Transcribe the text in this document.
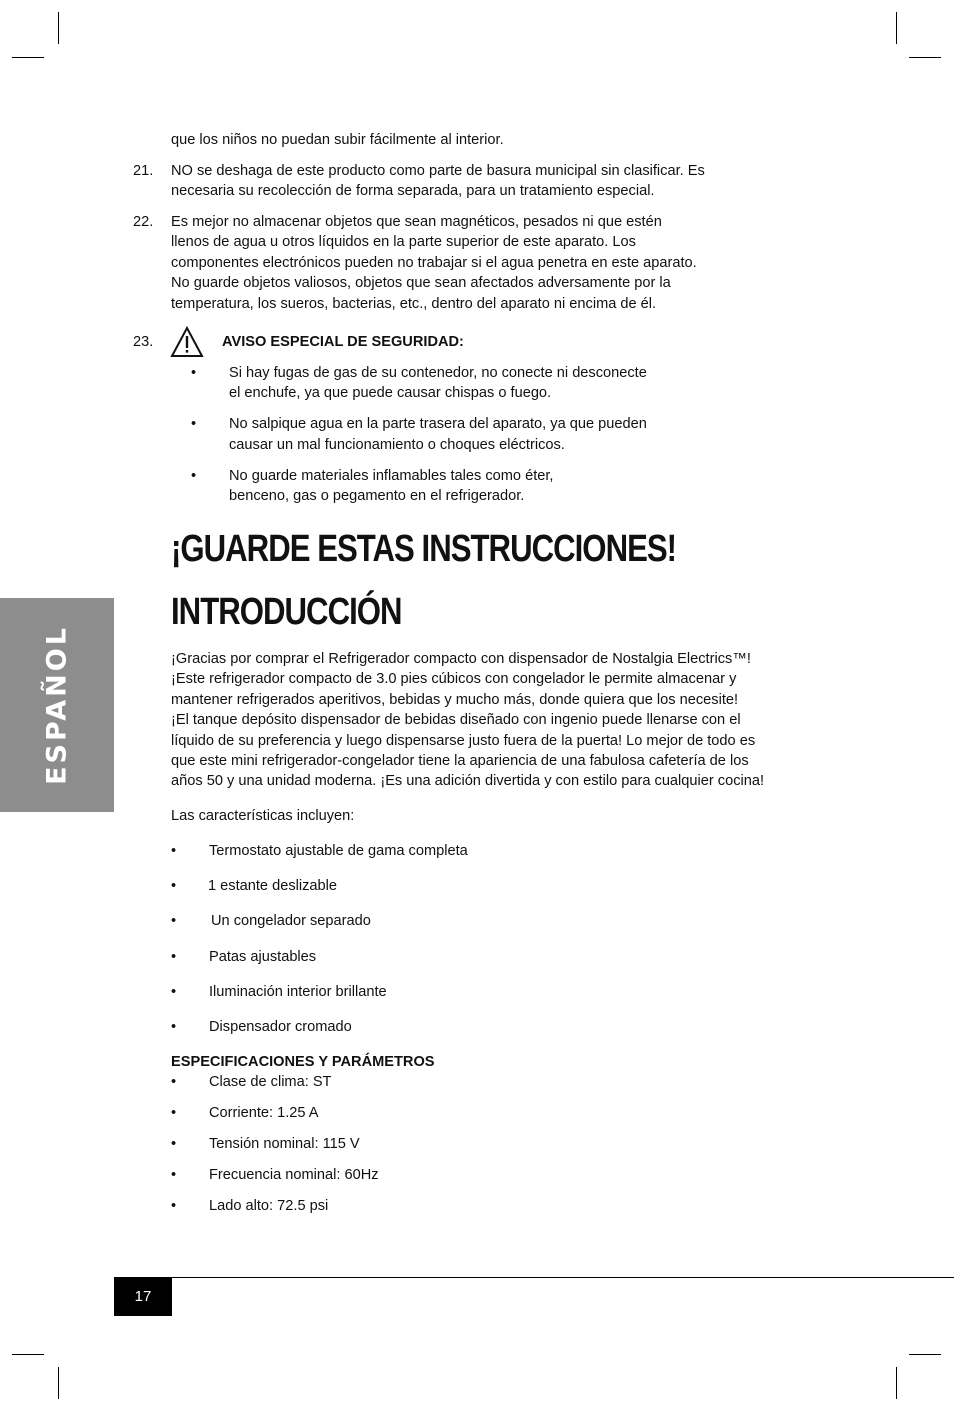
que los niños no puedan subir fácilmente al interior.
21. NO se deshaga de este producto como parte de basura municipal sin clasificar. Es
necesaria su recolección de forma separada, para un tratamiento especial.
22. Es mejor no almacenar objetos que sean magnéticos, pesados ni que estén
llenos de agua u otros líquidos en la parte superior de este aparato. Los
componentes electrónicos pueden no trabajar si el agua penetra en este aparato.
No guarde objetos valiosos, objetos que sean afectados adversamente por la
temperatura, los sueros, bacterias, etc., dentro del aparato ni encima de él.
23.	AVISO ESPECIAL DE SEGURIDAD:
• Si hay fugas de gas de su contenedor, no conecte ni desconecte
el enchufe, ya que puede causar chispas o fuego.
• No salpique agua en la parte trasera del aparato, ya que pueden
causar un mal funcionamiento o choques eléctricos.
• No guarde materiales inflamables tales como éter,
benceno, gas o pegamento en el refrigerador.
¡GUARDE ESTAS INSTRUCCIONES!
INTRODUCCIÓN
ESPAÑOL	¡Gracias por comprar el Refrigerador compacto con dispensador de Nostalgia Electrics™!
¡Este refrigerador compacto de 3.0 pies cúbicos con congelador le permite almacenar y
mantener refrigerados aperitivos, bebidas y mucho más, donde quiera que los necesite!
¡El tanque depósito dispensador de bebidas diseñado con ingenio puede llenarse con el
líquido de su preferencia y luego dispensarse justo fuera de la puerta! Lo mejor de todo es
que este mini refrigerador-congelador tiene la apariencia de una fabulosa cafetería de los
años 50 y una unidad moderna. ¡Es una adición divertida y con estilo para cualquier cocina!
Las características incluyen:
• Termostato ajustable de gama completa
• 1 estante deslizable
• Un congelador separado
• Patas ajustables
• Iluminación interior brillante
• Dispensador cromado
ESPECIFICACIONES Y PARÁMETROS
• Clase de clima: ST
• Corriente: 1.25 A
• Tensión nominal: 115 V
• Frecuencia nominal: 60Hz
• Lado alto: 72.5 psi
17
